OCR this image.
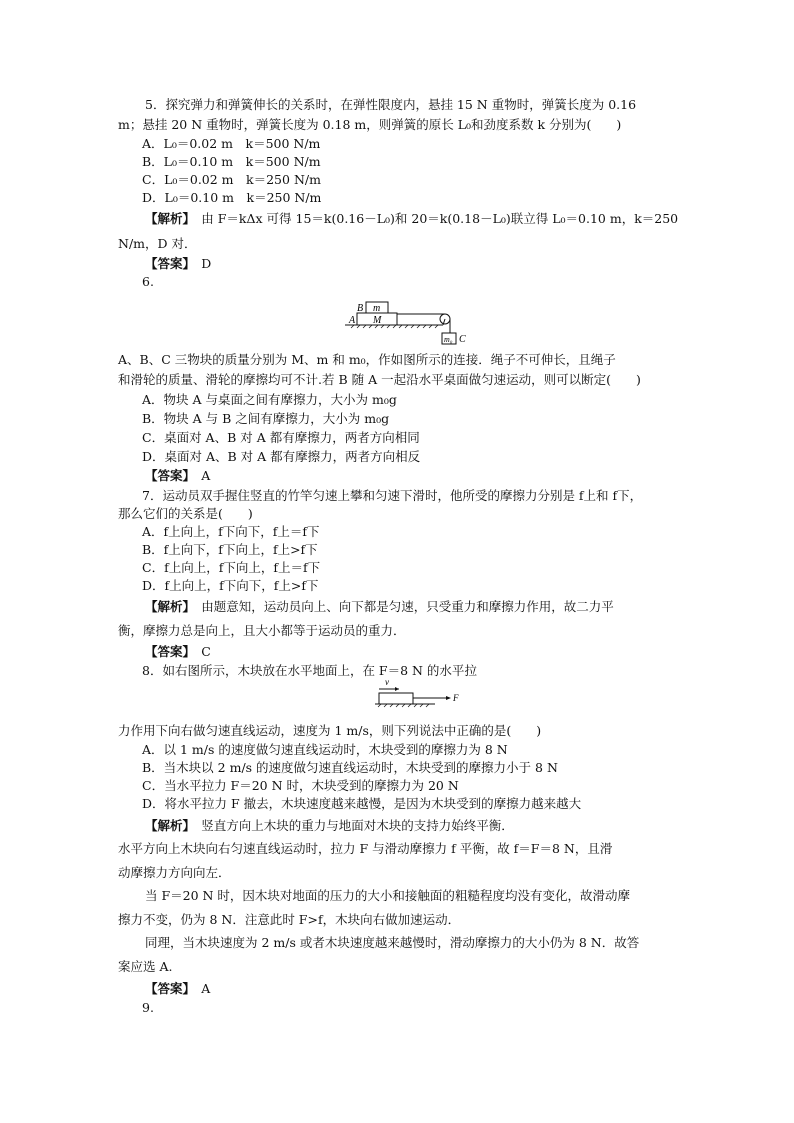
5．探究弹力和弹簧伸长的关系时，在弹性限度内，悬挂 15 N 重物时，弹簧长度为 0.16
m；悬挂 20 N 重物时，弹簧长度为 0.18 m，则弹簧的原长 L₀和劲度系数 k 分别为(　　)
A．L₀＝0.02 m　k＝500 N/m
B．L₀＝0.10 m　k＝500 N/m
C．L₀＝0.02 m　k＝250 N/m
D．L₀＝0.10 m　k＝250 N/m
【解析】　 由 F＝kΔx 可得 15＝k(0.16－L₀)和 20＝k(0.18－L₀)联立得 L₀＝0.10 m，k＝250
N/m，D 对．
【答案】　 D
6.
B m
A M
m₀ C
A、B、C 三物块的质量分别为 M、m 和 m₀，作如图所示的连接．绳子不可伸长，且绳子
和滑轮的质量、滑轮的摩擦均可不计.若 B 随 A 一起沿水平桌面做匀速运动，则可以断定(　　)
A．物块 A 与桌面之间有摩擦力，大小为 m₀g
B．物块 A 与 B 之间有摩擦力，大小为 m₀g
C．桌面对 A、B 对 A 都有摩擦力，两者方向相同
D．桌面对 A、B 对 A 都有摩擦力，两者方向相反
【答案】　 A
7．运动员双手握住竖直的竹竿匀速上攀和匀速下滑时，他所受的摩擦力分别是 f上和 f下，
那么它们的关系是(　　)
A．f上向上，f下向下，f上＝f下
B．f上向下，f下向上，f上>f下
C．f上向上，f下向上，f上＝f下
D．f上向上，f下向下，f上>f下
【解析】　 由题意知，运动员向上、向下都是匀速，只受重力和摩擦力作用，故二力平
衡，摩擦力总是向上，且大小都等于运动员的重力．
【答案】　 C
8．如右图所示，木块放在水平地面上，在 F＝8 N 的水平拉
v
F
力作用下向右做匀速直线运动，速度为 1 m/s，则下列说法中正确的是(　　)
A．以 1 m/s 的速度做匀速直线运动时，木块受到的摩擦力为 8 N
B．当木块以 2 m/s 的速度做匀速直线运动时，木块受到的摩擦力小于 8 N
C．当水平拉力 F＝20 N 时，木块受到的摩擦力为 20 N
D．将水平拉力 F 撤去，木块速度越来越慢，是因为木块受到的摩擦力越来越大
【解析】　 竖直方向上木块的重力与地面对木块的支持力始终平衡．
水平方向上木块向右匀速直线运动时，拉力 F 与滑动摩擦力 f 平衡，故 f＝F＝8 N，且滑
动摩擦力方向向左．
当 F＝20 N 时，因木块对地面的压力的大小和接触面的粗糙程度均没有变化，故滑动摩
擦力不变，仍为 8 N．注意此时 F>f，木块向右做加速运动．
同理，当木块速度为 2 m/s 或者木块速度越来越慢时，滑动摩擦力的大小仍为 8 N．故答
案应选 A.
【答案】　 A
9.
